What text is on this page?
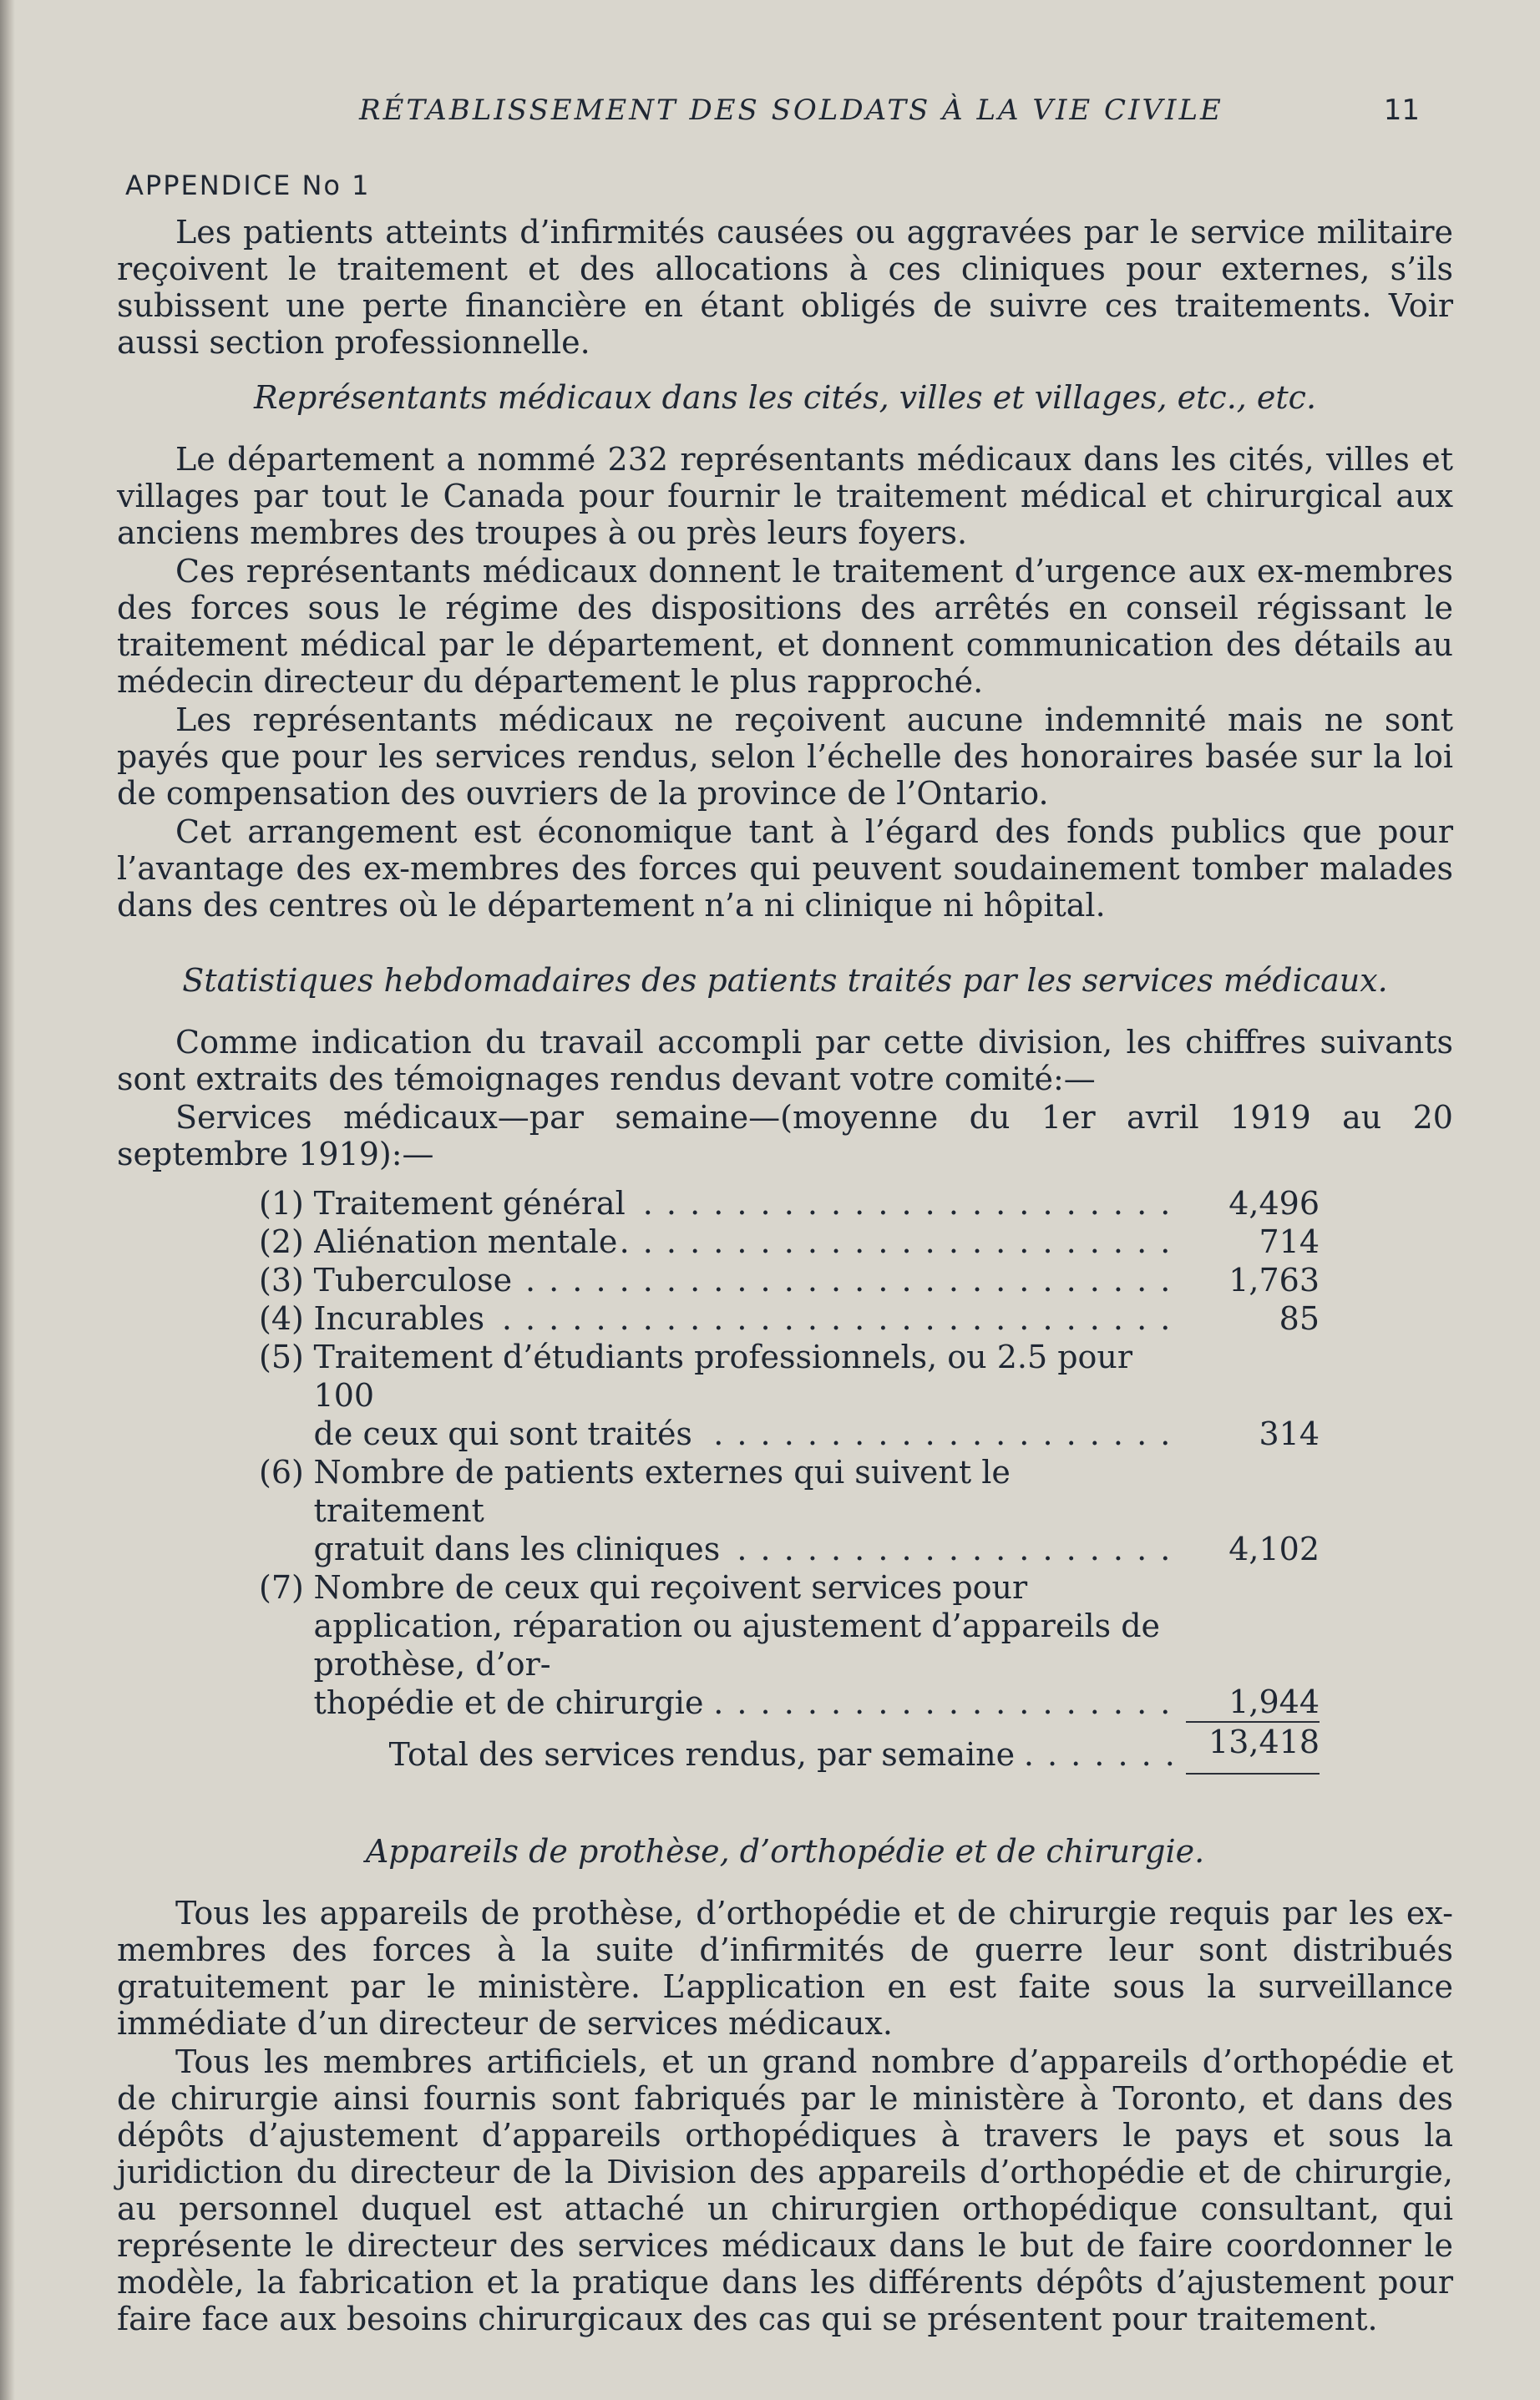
RÉTABLISSEMENT DES SOLDATS À LA VIE CIVILE	11
APPENDICE No 1

Les patients atteints d’infirmités causées ou aggravées par le service militaire reçoivent le traitement et des allocations à ces cliniques pour externes, s’ils subissent une perte financière en étant obligés de suivre ces traitements. Voir aussi section professionnelle.

Représentants médicaux dans les cités, villes et villages, etc., etc.

Le département a nommé 232 représentants médicaux dans les cités, villes et villages par tout le Canada pour fournir le traitement médical et chirurgical aux anciens membres des troupes à ou près leurs foyers.

Ces représentants médicaux donnent le traitement d’urgence aux ex-membres des forces sous le régime des dispositions des arrêtés en conseil régissant le traitement médical par le département, et donnent communication des détails au médecin directeur du département le plus rapproché.

Les représentants médicaux ne reçoivent aucune indemnité mais ne sont payés que pour les services rendus, selon l’échelle des honoraires basée sur la loi de compensation des ouvriers de la province de l’Ontario.

Cet arrangement est économique tant à l’égard des fonds publics que pour l’avantage des ex-membres des forces qui peuvent soudainement tomber malades dans des centres où le département n’a ni clinique ni hôpital.

Statistiques hebdomadaires des patients traités par les services médicaux.

Comme indication du travail accompli par cette division, les chiffres suivants sont extraits des témoignages rendus devant votre comité:—

Services médicaux—par semaine—(moyenne du 1er avril 1919 au 20 septembre 1919):—

(1)	Traitement général . . .	4,496
(2)	Aliénation mentale . . .	714
(3)	Tuberculose . . .	1,763
(4)	Incurables . . .	85
(5)	Traitement d’étudiants professionnels, ou 2.5 pour 100
de ceux qui sont traités . . .	314
(6)	Nombre de patients externes qui suivent le traitement
gratuit dans les cliniques . . .	4,102
(7)	Nombre de ceux qui reçoivent services pour application, réparation ou ajustement d’appareils de prothèse, d’or-
thopédie et de chirurgie . . .	1,944

	Total des services rendus, par semaine . . .	13,418
Appareils de prothèse, d’orthopédie et de chirurgie.

Tous les appareils de prothèse, d’orthopédie et de chirurgie requis par les ex-membres des forces à la suite d’infirmités de guerre leur sont distribués gratuitement par le ministère. L’application en est faite sous la surveillance immédiate d’un directeur de services médicaux.

Tous les membres artificiels, et un grand nombre d’appareils d’orthopédie et de chirurgie ainsi fournis sont fabriqués par le ministère à Toronto, et dans des dépôts d’ajustement d’appareils orthopédiques à travers le pays et sous la juridiction du directeur de la Division des appareils d’orthopédie et de chirurgie, au personnel duquel est attaché un chirurgien orthopédique consultant, qui représente le directeur des services médicaux dans le but de faire coordonner le modèle, la fabrication et la pratique dans les différents dépôts d’ajustement pour faire face aux besoins chirurgicaux des cas qui se présentent pour traitement.
